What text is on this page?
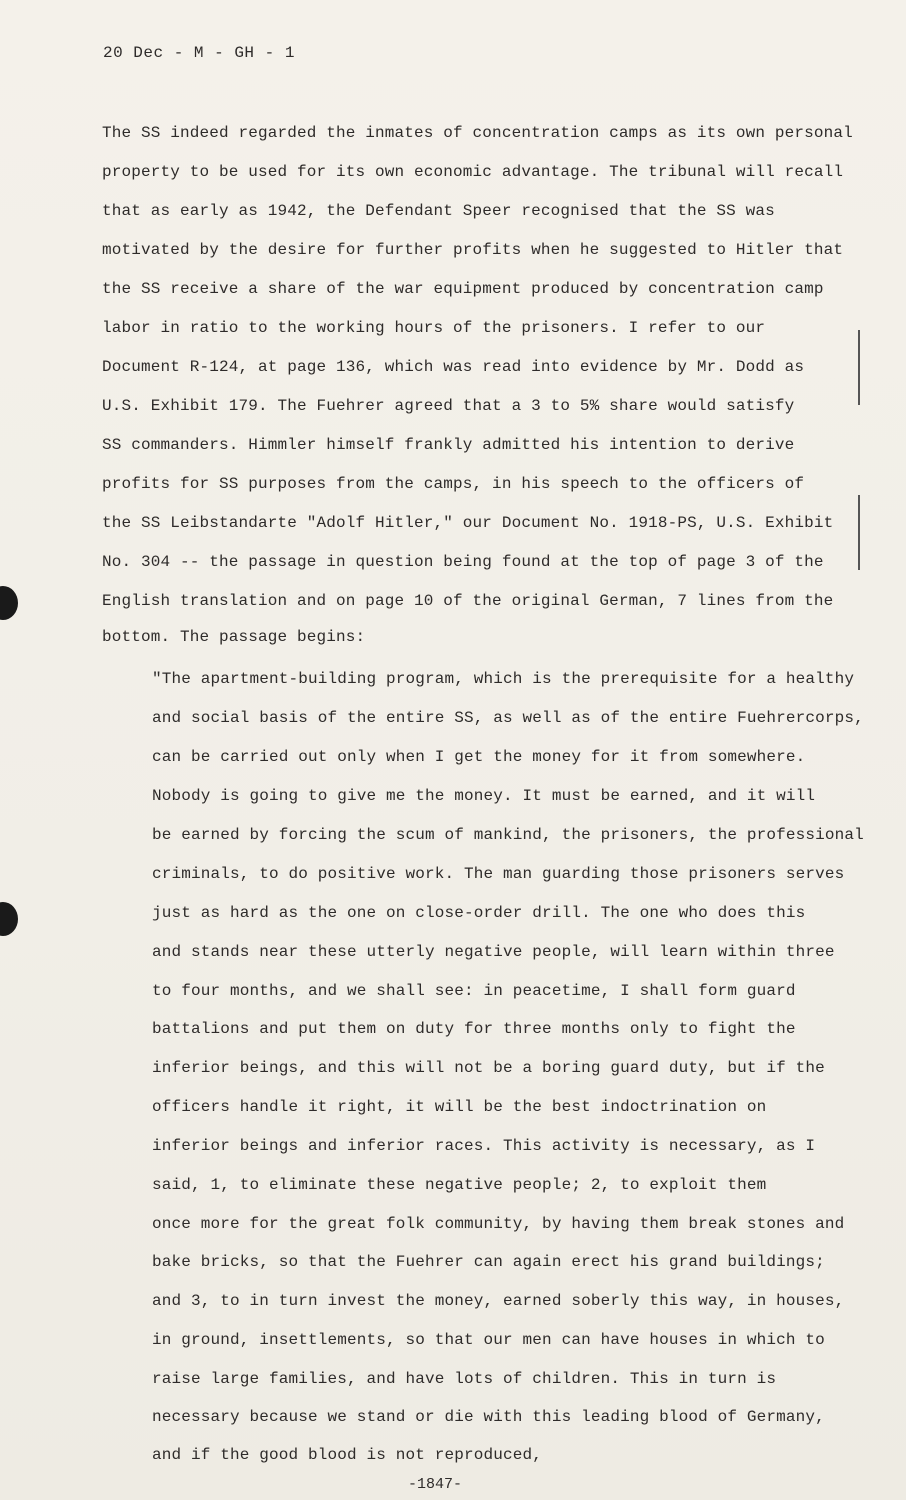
20 Dec - M - GH - 1
The SS indeed regarded the inmates of concentration camps as its own personal
property to be used for its own economic advantage. The tribunal will recall
that as early as 1942, the Defendant Speer recognised that the SS was
motivated by the desire for further profits when he suggested to Hitler that
the SS receive a share of the war equipment produced by concentration camp
labor in ratio to the working hours of the prisoners. I refer to our
Document R-124, at page 136, which was read into evidence by Mr. Dodd as
U.S. Exhibit 179. The Fuehrer agreed that a 3 to 5% share would satisfy
SS commanders. Himmler himself frankly admitted his intention to derive
profits for SS purposes from the camps, in his speech to the officers of
the SS Leibstandarte "Adolf Hitler," our Document No. 1918-PS, U.S. Exhibit
No. 304 -- the passage in question being found at the top of page 3 of the
English translation and on page 10 of the original German, 7 lines from the
bottom. The passage begins:
"The apartment-building program, which is the prerequisite for a healthy
and social basis of the entire SS, as well as of the entire Fuehrercorps,
can be carried out only when I get the money for it from somewhere.
Nobody is going to give me the money. It must be earned, and it will
be earned by forcing the scum of mankind, the prisoners, the professional
criminals, to do positive work. The man guarding those prisoners serves
just as hard as the one on close-order drill. The one who does this
and stands near these utterly negative people, will learn within three
to four months, and we shall see: in peacetime, I shall form guard
battalions and put them on duty for three months only to fight the
inferior beings, and this will not be a boring guard duty, but if the
officers handle it right, it will be the best indoctrination on
inferior beings and inferior races. This activity is necessary, as I
said, 1, to eliminate these negative people; 2, to exploit them
once more for the great folk community, by having them break stones and
bake bricks, so that the Fuehrer can again erect his grand buildings;
and 3, to in turn invest the money, earned soberly this way, in houses,
in ground, insettlements, so that our men can have houses in which to
raise large families, and have lots of children. This in turn is
necessary because we stand or die with this leading blood of Germany,
and if the good blood is not reproduced,
-1847-
